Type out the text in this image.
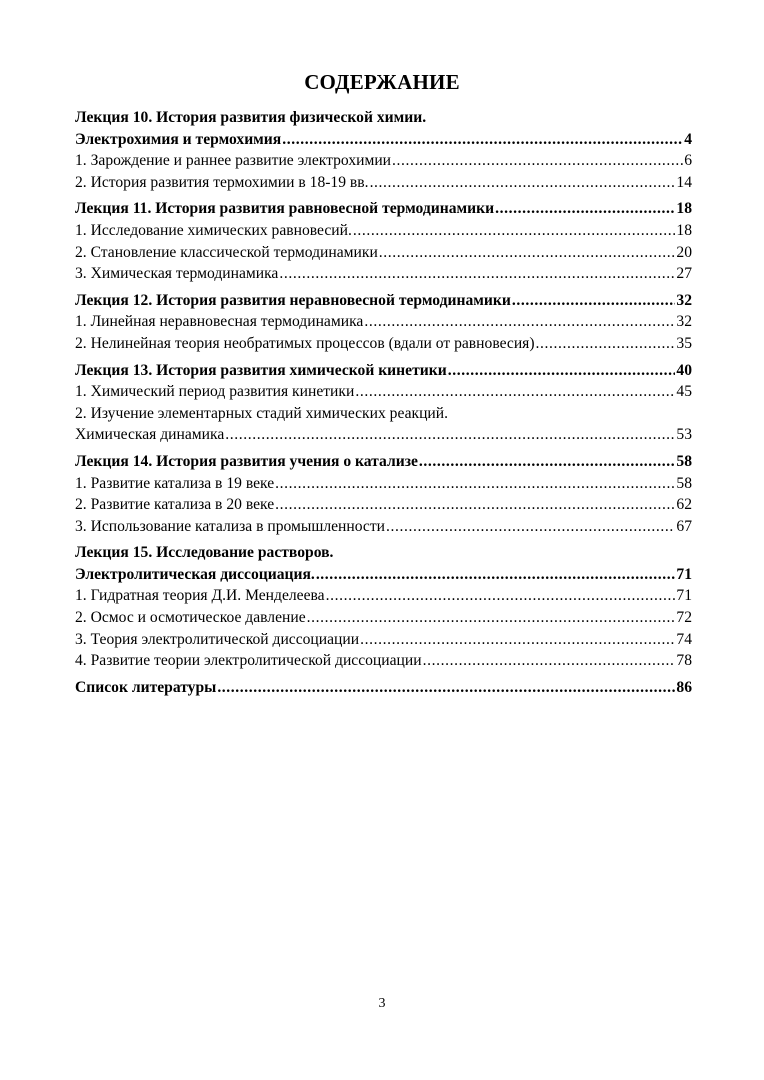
СОДЕРЖАНИЕ
Лекция 10. История развития физической химии.
Электрохимия и термохимия .....	4
1. Зарождение и раннее развитие электрохимии .....	6
2. История развития термохимии в 18-19 вв. .....	14
Лекция 11. История развития равновесной термодинамики .....	18
1. Исследование химических равновесий. .....	18
2. Становление классической термодинамики .....	20
3. Химическая термодинамика .....	27
Лекция 12. История развития неравновесной термодинамики .....	32
1. Линейная неравновесная термодинамика .....	32
2. Нелинейная теория необратимых процессов (вдали от равновесия) .....	35
Лекция 13. История развития химической кинетики .....	40
1. Химический период развития кинетики .....	45
2. Изучение элементарных стадий химических реакций.
Химическая динамика .....	53
Лекция 14. История развития учения о катализе .....	58
1. Развитие катализа в 19 веке .....	58
2. Развитие катализа в 20 веке .....	62
3. Использование катализа в промышленности .....	67
Лекция 15. Исследование растворов.
Электролитическая диссоциация. .....	71
1. Гидратная теория Д.И. Менделеева .....	71
2. Осмос и осмотическое давление .....	72
3. Теория электролитической диссоциации .....	74
4. Развитие теории электролитической диссоциации .....	78
Список литературы .....	86
3
